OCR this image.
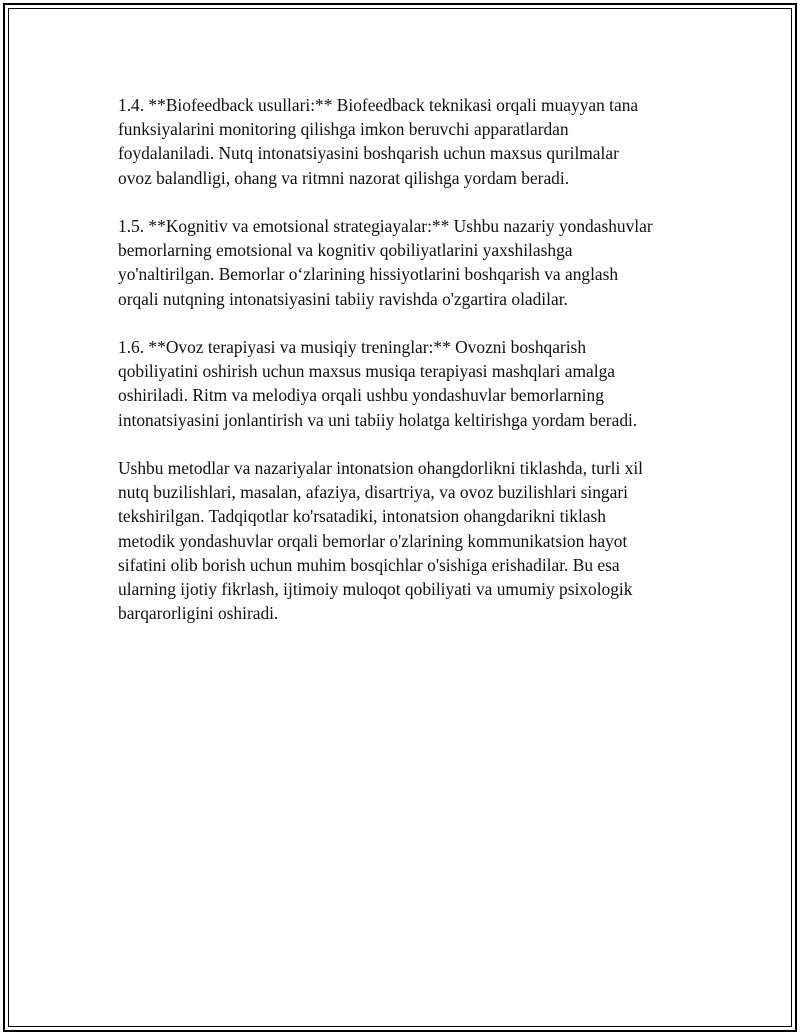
1.4. **Biofeedback usullari:** Biofeedback teknikasi orqali muayyan tana
funksiyalarini monitoring qilishga imkon beruvchi apparatlardan
foydalaniladi. Nutq intonatsiyasini boshqarish uchun maxsus qurilmalar
ovoz balandligi, ohang va ritmni nazorat qilishga yordam beradi.

1.5. **Kognitiv va emotsional strategiayalar:** Ushbu nazariy yondashuvlar
bemorlarning emotsional va kognitiv qobiliyatlarini yaxshilashga
yo'naltirilgan. Bemorlar o‘zlarining hissiyotlarini boshqarish va anglash
orqali nutqning intonatsiyasini tabiiy ravishda o'zgartira oladilar.

1.6. **Ovoz terapiyasi va musiqiy treninglar:** Ovozni boshqarish
qobiliyatini oshirish uchun maxsus musiqa terapiyasi mashqlari amalga
oshiriladi. Ritm va melodiya orqali ushbu yondashuvlar bemorlarning
intonatsiyasini jonlantirish va uni tabiiy holatga keltirishga yordam beradi.

Ushbu metodlar va nazariyalar intonatsion ohangdorlikni tiklashda, turli xil
nutq buzilishlari, masalan, afaziya, disartriya, va ovoz buzilishlari singari
tekshirilgan. Tadqiqotlar ko'rsatadiki, intonatsion ohangdarikni tiklash
metodik yondashuvlar orqali bemorlar o'zlarining kommunikatsion hayot
sifatini olib borish uchun muhim bosqichlar o'sishiga erishadilar. Bu esa
ularning ijotiy fikrlash, ijtimoiy muloqot qobiliyati va umumiy psixologik
barqarorligini oshiradi.
